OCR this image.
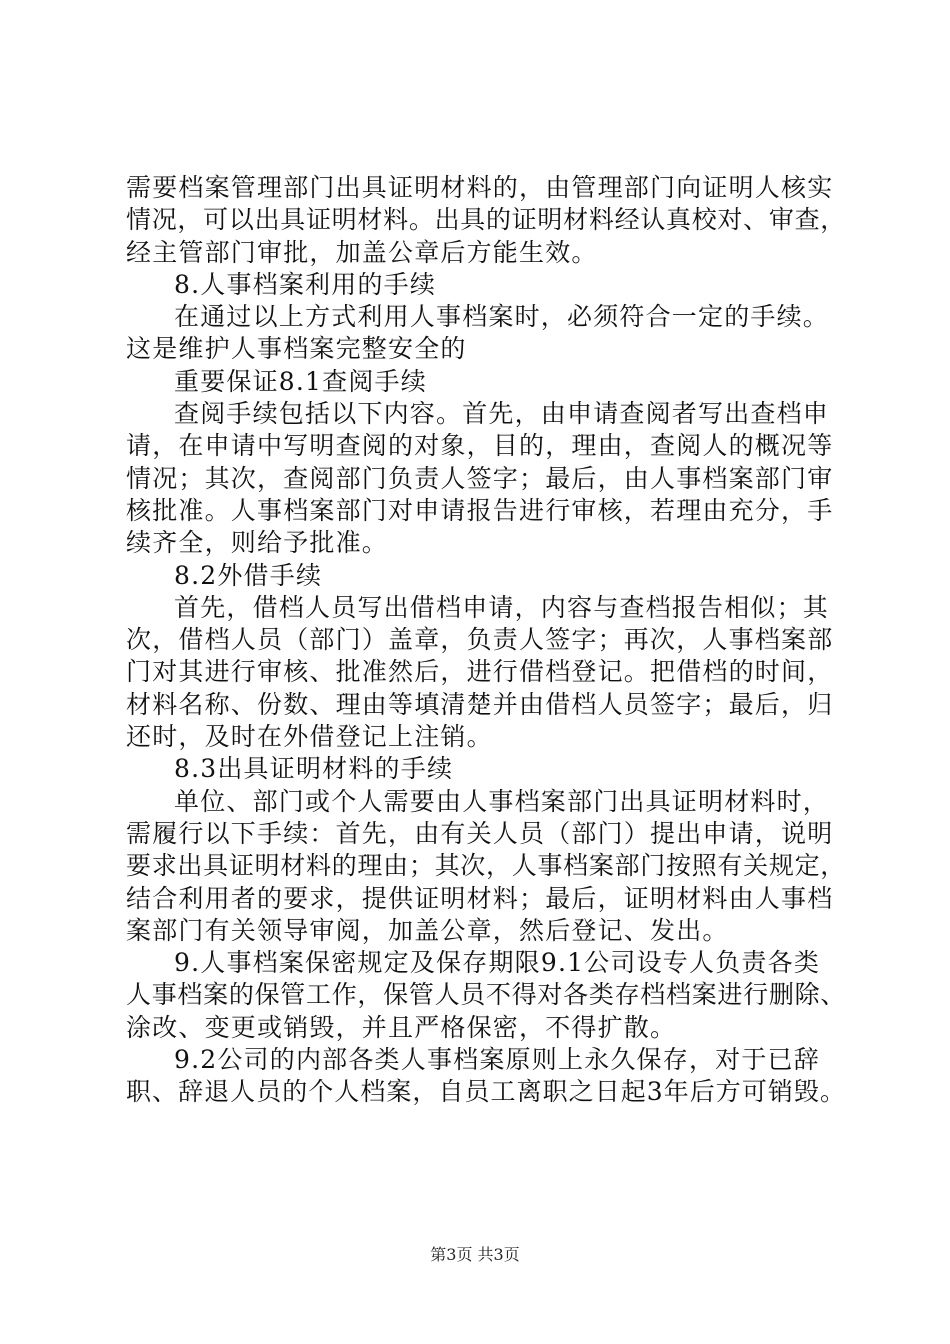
需要档案管理部门出具证明材料的，由管理部门向证明人核实
情况，可以出具证明材料。出具的证明材料经认真校对、审查，
经主管部门审批，加盖公章后方能生效。
8.人事档案利用的手续
在通过以上方式利用人事档案时，必须符合一定的手续。
这是维护人事档案完整安全的
重要保证8.1查阅手续
查阅手续包括以下内容。首先，由申请查阅者写出查档申
请，在申请中写明查阅的对象，目的，理由，查阅人的概况等
情况；其次，查阅部门负责人签字；最后，由人事档案部门审
核批准。人事档案部门对申请报告进行审核，若理由充分，手
续齐全，则给予批准。
8.2外借手续
首先，借档人员写出借档申请，内容与查档报告相似；其
次，借档人员（部门）盖章，负责人签字；再次，人事档案部
门对其进行审核、批准然后，进行借档登记。把借档的时间，
材料名称、份数、理由等填清楚并由借档人员签字；最后，归
还时，及时在外借登记上注销。
8.3出具证明材料的手续
单位、部门或个人需要由人事档案部门出具证明材料时，
需履行以下手续：首先，由有关人员（部门）提出申请，说明
要求出具证明材料的理由；其次，人事档案部门按照有关规定，
结合利用者的要求，提供证明材料；最后，证明材料由人事档
案部门有关领导审阅，加盖公章，然后登记、发出。
9.人事档案保密规定及保存期限9.1公司设专人负责各类
人事档案的保管工作，保管人员不得对各类存档档案进行删除、
涂改、变更或销毁，并且严格保密，不得扩散。
9.2公司的内部各类人事档案原则上永久保存，对于已辞
职、辞退人员的个人档案，自员工离职之日起3年后方可销毁。
第3页 共3页
